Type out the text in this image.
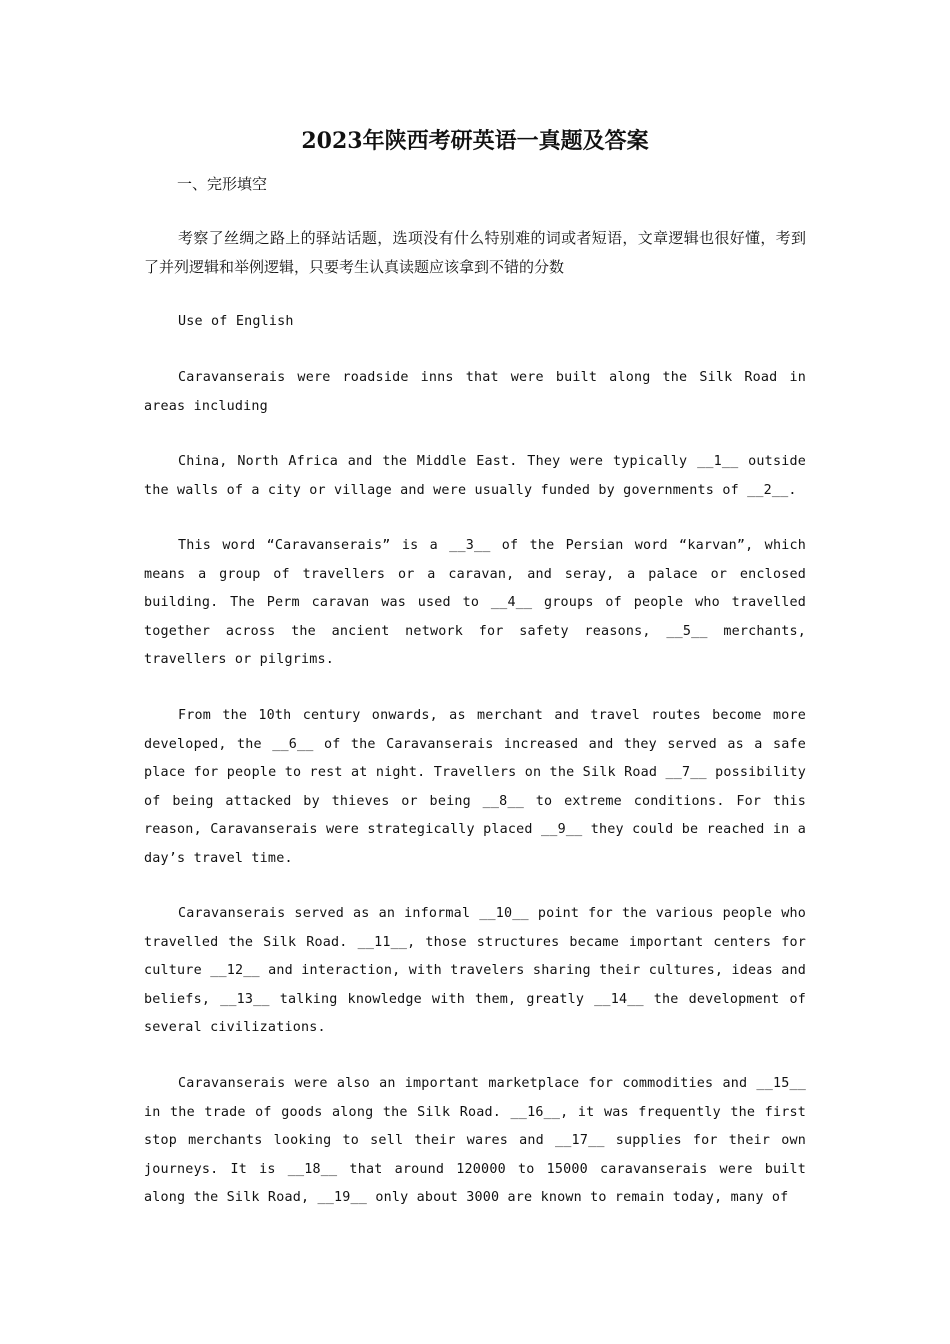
2023年陕西考研英语一真题及答案

一、完形填空

考察了丝绸之路上的驿站话题，选项没有什么特别难的词或者短语，文章逻辑也很好懂，考到了并列逻辑和举例逻辑，只要考生认真读题应该拿到不错的分数

Use of English

Caravanserais were roadside inns that were built along the Silk Road in areas including

China, North Africa and the Middle East. They were typically __1__ outside the walls of a city or village and were usually funded by governments of __2__.

This word “Caravanserais” is a __3__ of the Persian word “karvan”, which means a group of travellers or a caravan, and seray, a palace or enclosed building. The Perm caravan was used to __4__ groups of people who travelled together across the ancient network for safety reasons, __5__ merchants, travellers or pilgrims.

From the 10th century onwards, as merchant and travel routes become more developed, the __6__ of the Caravanserais increased and they served as a safe place for people to rest at night. Travellers on the Silk Road __7__ possibility of being attacked by thieves or being __8__ to extreme conditions. For this reason, Caravanserais were strategically placed __9__ they could be reached in a day’s travel time.

Caravanserais served as an informal __10__ point for the various people who travelled the Silk Road. __11__, those structures became important centers for culture __12__ and interaction, with travelers sharing their cultures, ideas and beliefs, __13__ talking knowledge with them, greatly __14__ the development of several civilizations.

Caravanserais were also an important marketplace for commodities and __15__ in the trade of goods along the Silk Road. __16__, it was frequently the first stop merchants looking to sell their wares and __17__ supplies for their own journeys. It is __18__ that around 120000 to 15000 caravanserais were built along the Silk Road, __19__ only about 3000 are known to remain today, many of
